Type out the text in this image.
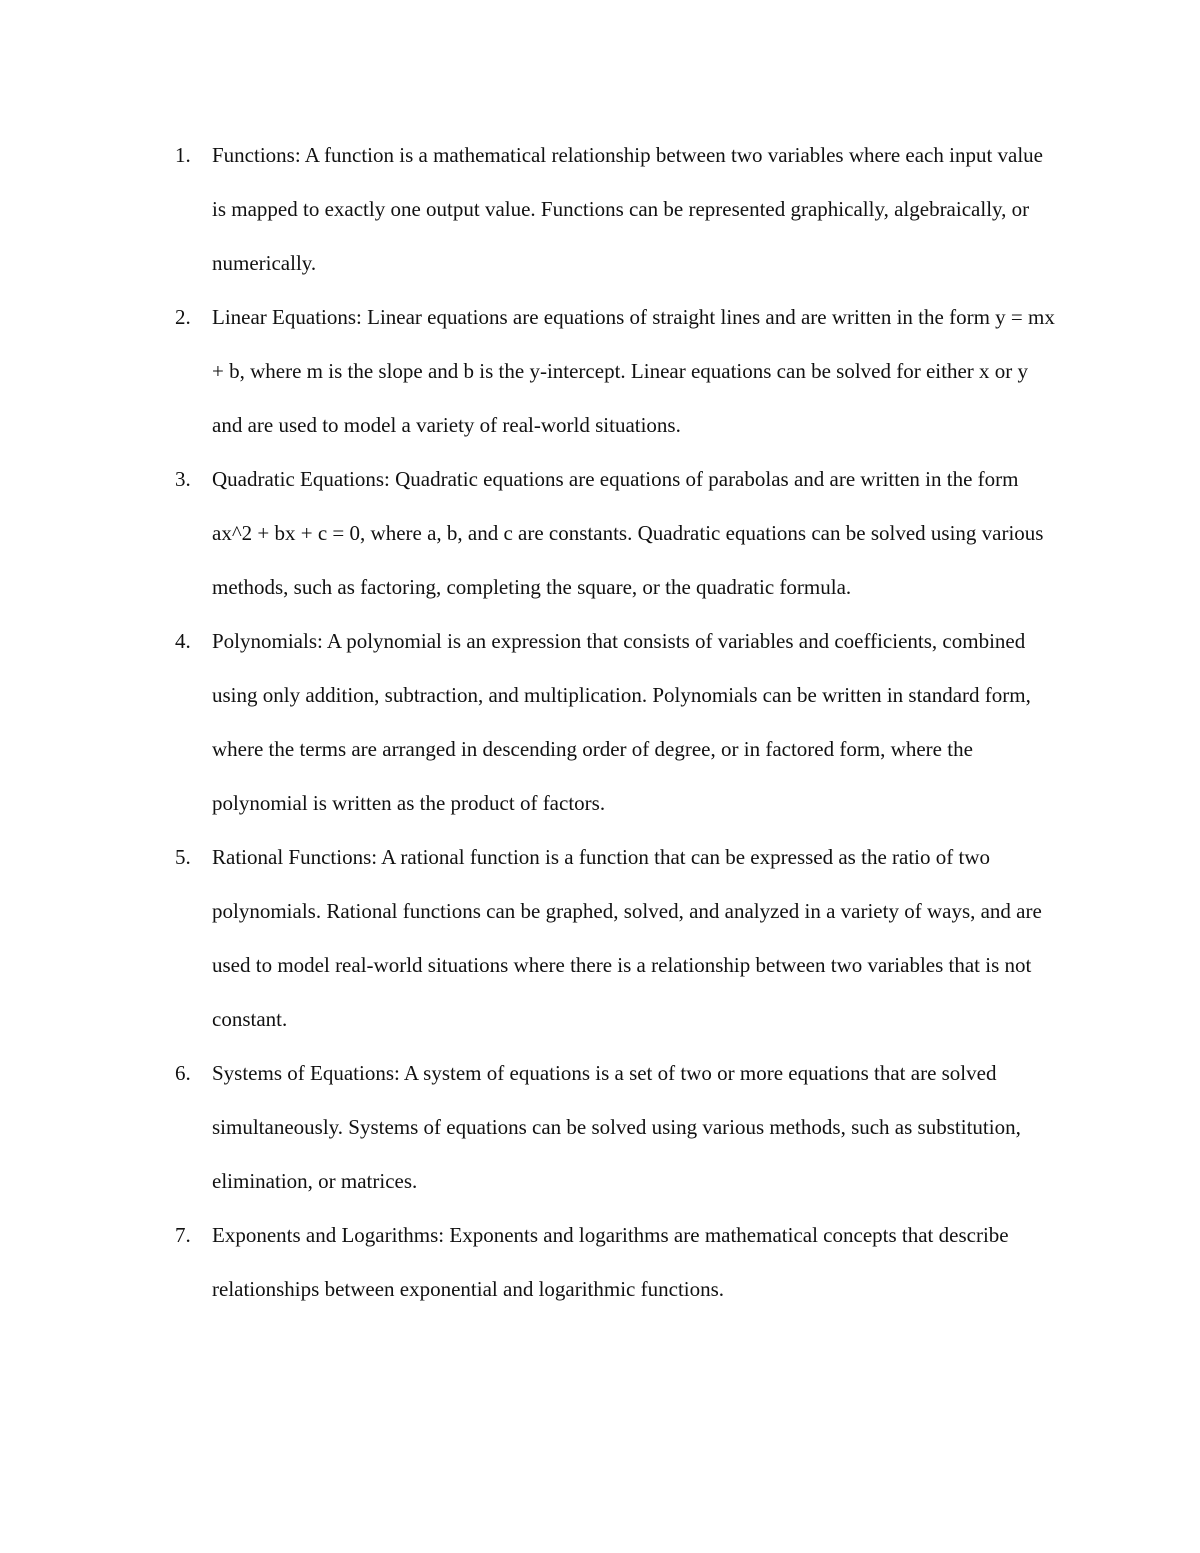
1. Functions: A function is a mathematical relationship between two variables where each input value is mapped to exactly one output value. Functions can be represented graphically, algebraically, or numerically.
2. Linear Equations: Linear equations are equations of straight lines and are written in the form y = mx + b, where m is the slope and b is the y-intercept. Linear equations can be solved for either x or y and are used to model a variety of real-world situations.
3. Quadratic Equations: Quadratic equations are equations of parabolas and are written in the form ax^2 + bx + c = 0, where a, b, and c are constants. Quadratic equations can be solved using various methods, such as factoring, completing the square, or the quadratic formula.
4. Polynomials: A polynomial is an expression that consists of variables and coefficients, combined using only addition, subtraction, and multiplication. Polynomials can be written in standard form, where the terms are arranged in descending order of degree, or in factored form, where the polynomial is written as the product of factors.
5. Rational Functions: A rational function is a function that can be expressed as the ratio of two polynomials. Rational functions can be graphed, solved, and analyzed in a variety of ways, and are used to model real-world situations where there is a relationship between two variables that is not constant.
6. Systems of Equations: A system of equations is a set of two or more equations that are solved simultaneously. Systems of equations can be solved using various methods, such as substitution, elimination, or matrices.
7. Exponents and Logarithms: Exponents and logarithms are mathematical concepts that describe relationships between exponential and logarithmic functions.
